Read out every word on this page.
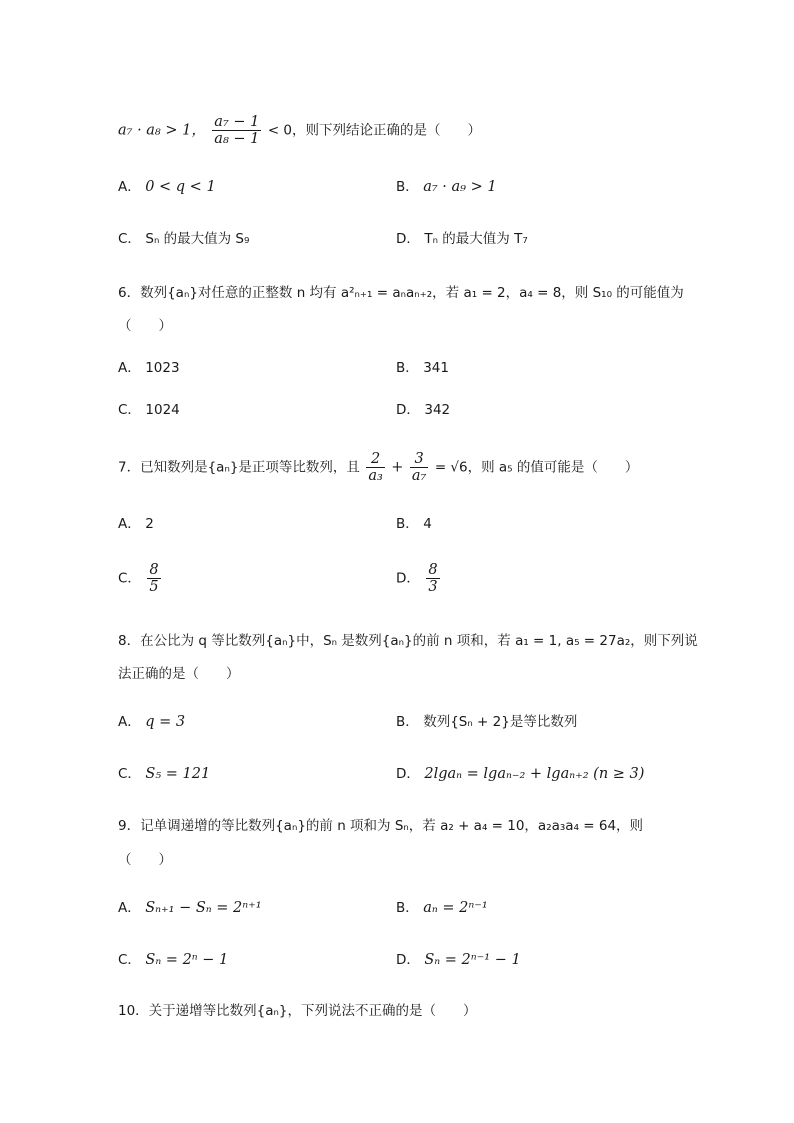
a₇ · a₈ > 1， $\frac{\text{a₇ − 1}}{\text{a₈ − 1}} < 0$，则下列结论正确的是（　　）
A． 0 < q < 1	B． a₇ · a₉ > 1
C． Sₙ 的最大值为 S₉	D． Tₙ 的最大值为 T₇
6．数列{aₙ}对任意的正整数 n 均有 a²ₙ₊₁ = aₙaₙ₊₂，若 a₁ = 2，a₄ = 8，则 S₁₀ 的可能值为
（　　）
A． 1023	B． 341
C． 1024	D． 342
7．已知数列是{aₙ}是正项等比数列，且 $\frac{2}{\text{a₃}} + \frac{3}{\text{a₇}} = √6$，则 a₅ 的值可能是（　　）
A． 2	B． 4
C． $\frac{8}{5}$	D． $\frac{8}{3}$
8．在公比为 q 等比数列{aₙ}中，Sₙ 是数列{aₙ}的前 n 项和，若 a₁ = 1, a₅ = 27a₂，则下列说
法正确的是（　　）
A． q = 3	B． 数列{Sₙ + 2}是等比数列
C． S₅ = 121	D． 2lgaₙ = lgaₙ₋₂ + lgaₙ₊₂ (n ≥ 3)
9．记单调递增的等比数列{aₙ}的前 n 项和为 Sₙ，若 a₂ + a₄ = 10，a₂a₃a₄ = 64，则
（　　）
A． Sₙ₊₁ − Sₙ = 2ⁿ⁺¹	B． aₙ = 2ⁿ⁻¹
C． Sₙ = 2ⁿ − 1	D． Sₙ = 2ⁿ⁻¹ − 1
10．关于递增等比数列{aₙ}，下列说法不正确的是（　　）
